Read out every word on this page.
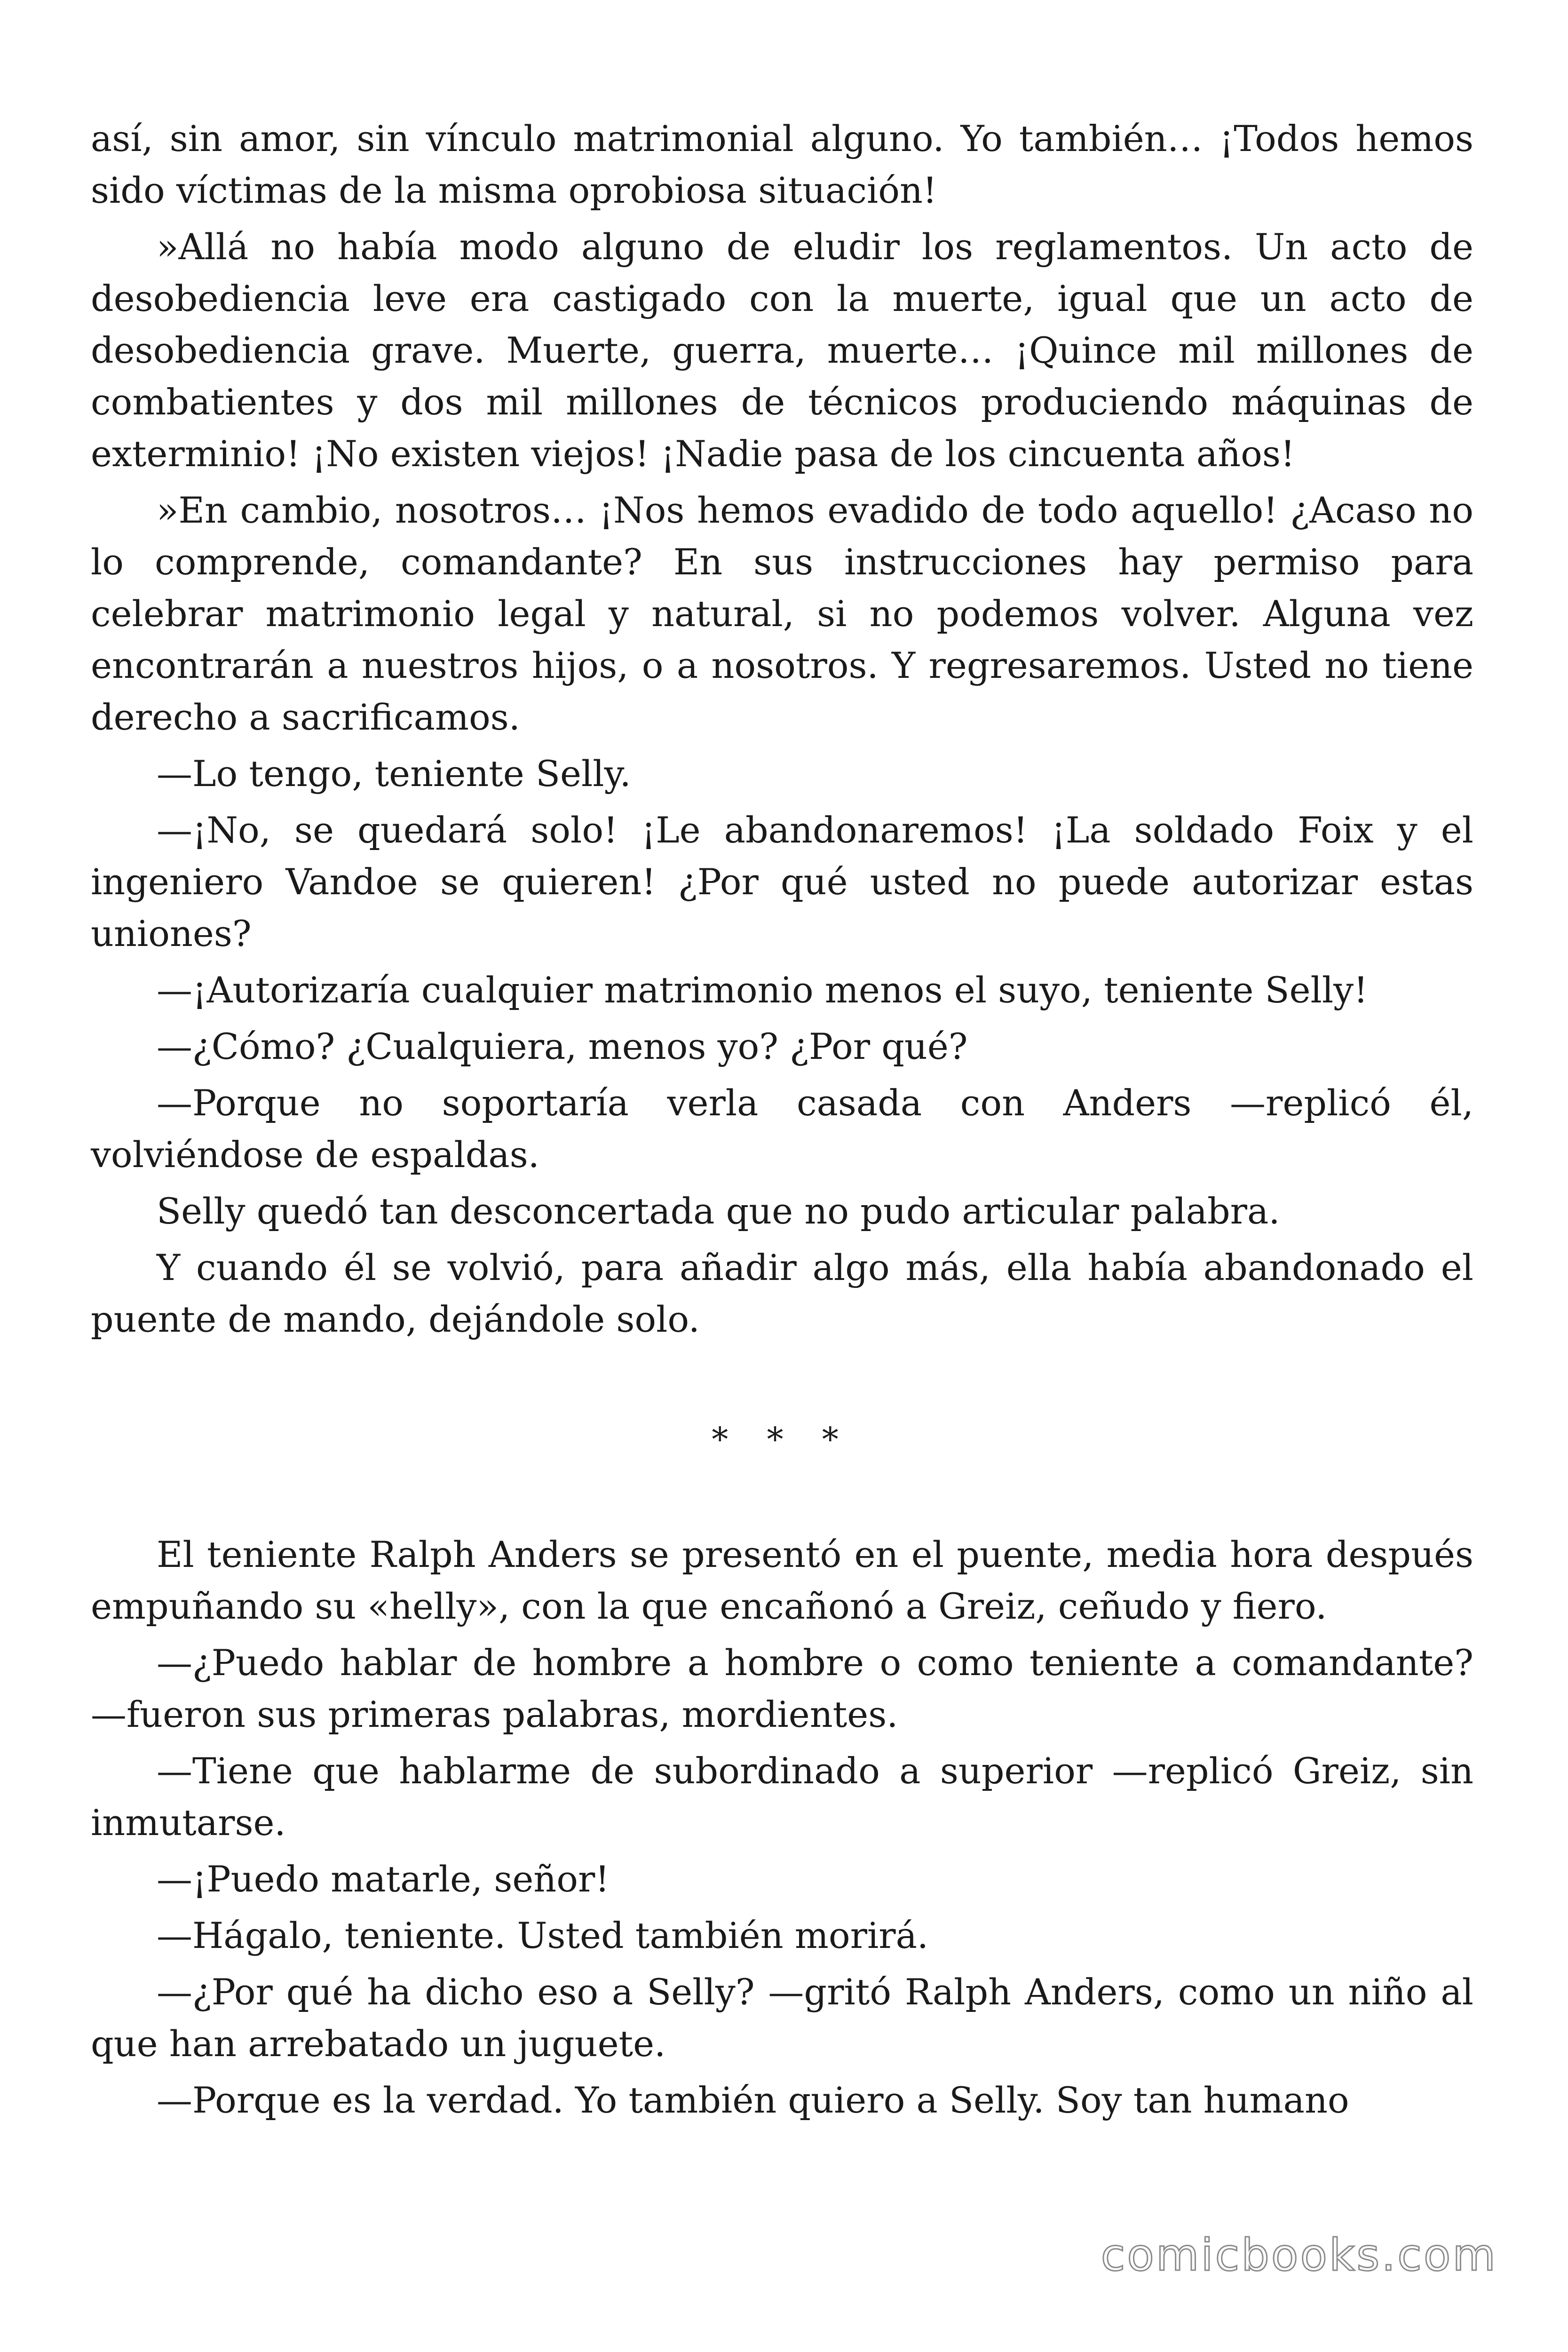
así, sin amor, sin vínculo matrimonial alguno. Yo también… ¡Todos hemos sido víctimas de la misma oprobiosa situación!

»Allá no había modo alguno de eludir los reglamentos. Un acto de desobediencia leve era castigado con la muerte, igual que un acto de desobediencia grave. Muerte, guerra, muerte… ¡Quince mil millones de combatientes y dos mil millones de técnicos produciendo máquinas de exterminio! ¡No existen viejos! ¡Nadie pasa de los cincuenta años!

»En cambio, nosotros… ¡Nos hemos evadido de todo aquello! ¿Acaso no lo comprende, comandante? En sus instrucciones hay permiso para celebrar matrimonio legal y natural, si no podemos volver. Alguna vez encontrarán a nuestros hijos, o a nosotros. Y regresaremos. Usted no tiene derecho a sacrificamos.

—Lo tengo, teniente Selly.

—¡No, se quedará solo! ¡Le abandonaremos! ¡La soldado Foix y el ingeniero Vandoe se quieren! ¿Por qué usted no puede autorizar estas uniones?

—¡Autorizaría cualquier matrimonio menos el suyo, teniente Selly!

—¿Cómo? ¿Cualquiera, menos yo? ¿Por qué?

—Porque no soportaría verla casada con Anders —replicó él, volviéndose de espaldas.

Selly quedó tan desconcertada que no pudo articular palabra.

Y cuando él se volvió, para añadir algo más, ella había abandonado el puente de mando, dejándole solo.

* * *

El teniente Ralph Anders se presentó en el puente, media hora después empuñando su «helly», con la que encañonó a Greiz, ceñudo y fiero.

—¿Puedo hablar de hombre a hombre o como teniente a comandante? —fueron sus primeras palabras, mordientes.

—Tiene que hablarme de subordinado a superior —replicó Greiz, sin inmutarse.

—¡Puedo matarle, señor!

—Hágalo, teniente. Usted también morirá.

—¿Por qué ha dicho eso a Selly? —gritó Ralph Anders, como un niño al que han arrebatado un juguete.

—Porque es la verdad. Yo también quiero a Selly. Soy tan humano

comicbooks.com
